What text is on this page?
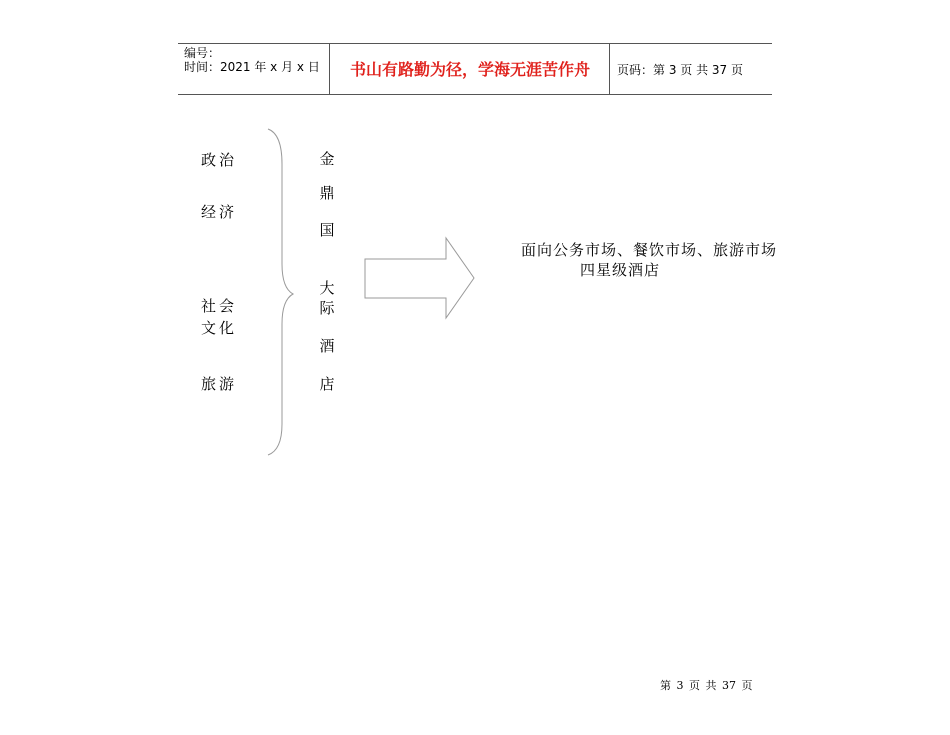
编号：
时间：2021 年 x 月 x 日	书山有路勤为径，学海无涯苦作舟	页码：第 3 页 共 37 页
政治
经济
社会
文化
旅游
金
鼎
国
大
际
酒
店
面向公务市场、餐饮市场、旅游市场
四星级酒店
第 3 页 共 37 页
